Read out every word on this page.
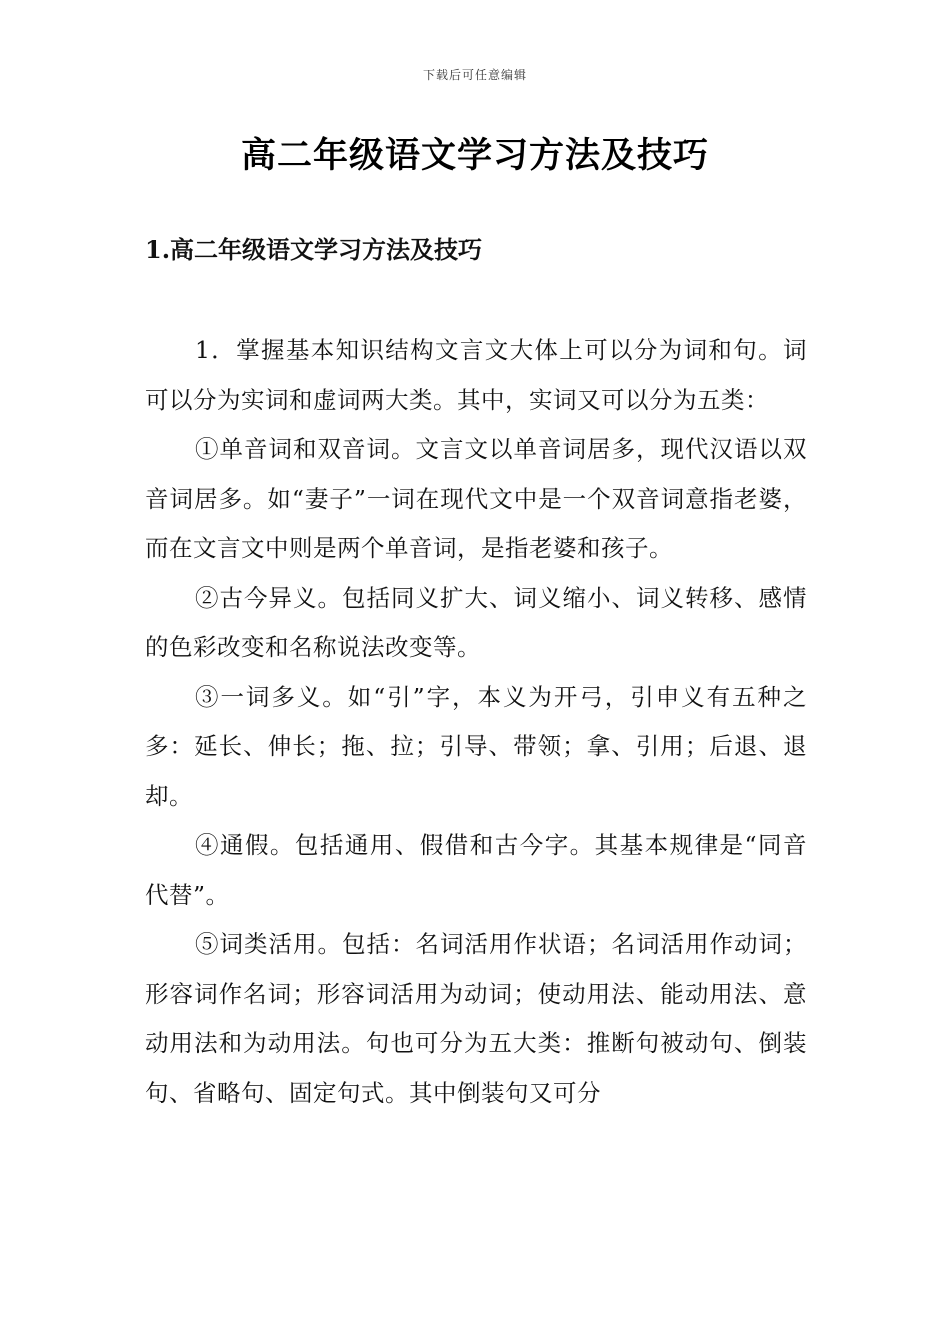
下载后可任意编辑
高二年级语文学习方法及技巧
1.高二年级语文学习方法及技巧

1．掌握基本知识结构文言文大体上可以分为词和句。词可以分为实词和虚词两大类。其中，实词又可以分为五类：

①单音词和双音词。文言文以单音词居多，现代汉语以双音词居多。如“妻子”一词在现代文中是一个双音词意指老婆，而在文言文中则是两个单音词，是指老婆和孩子。

②古今异义。包括同义扩大、词义缩小、词义转移、感情的色彩改变和名称说法改变等。

③一词多义。如“引”字，本义为开弓，引申义有五种之多：延长、伸长；拖、拉；引导、带领；拿、引用；后退、退却。

④通假。包括通用、假借和古今字。其基本规律是“同音代替”。

⑤词类活用。包括：名词活用作状语；名词活用作动词；形容词作名词；形容词活用为动词；使动用法、能动用法、意动用法和为动用法。句也可分为五大类：推断句被动句、倒装句、省略句、固定句式。其中倒装句又可分
